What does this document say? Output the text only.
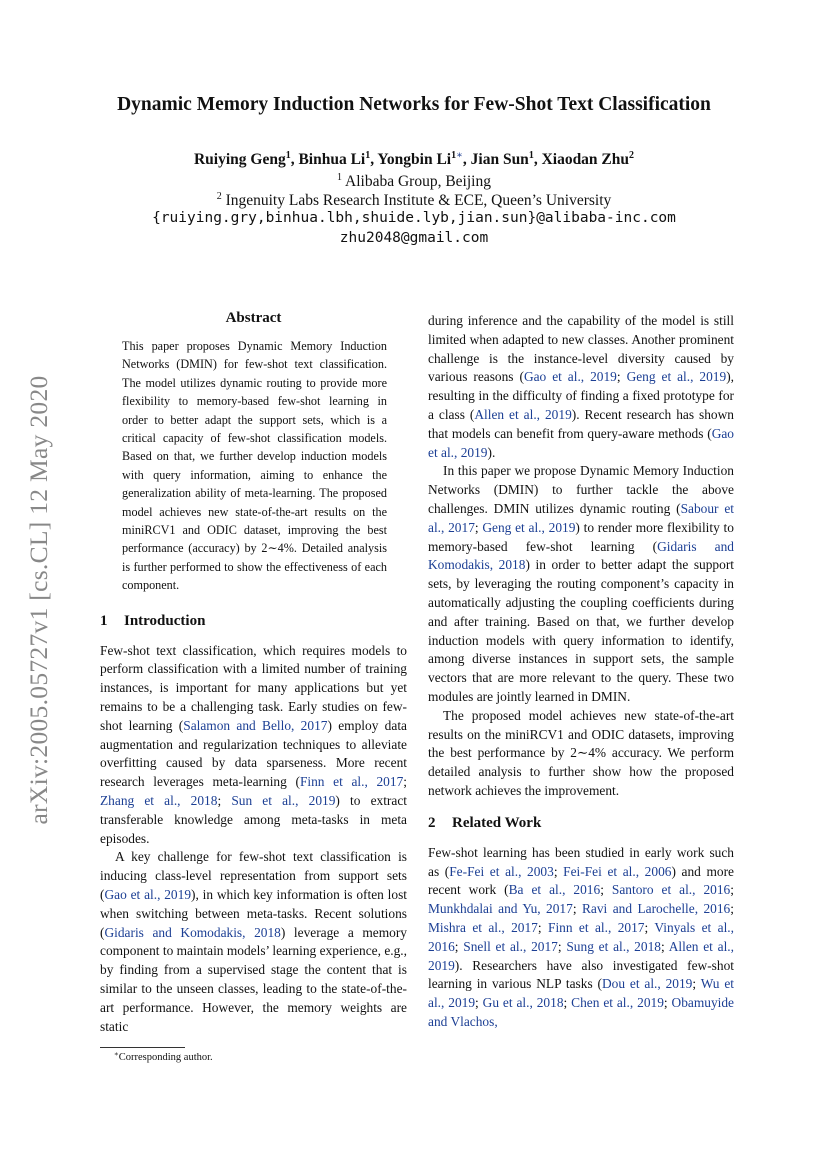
arXiv:2005.05727v1 [cs.CL] 12 May 2020
Dynamic Memory Induction Networks for Few-Shot Text Classification
Ruiying Geng$^1$, Binhua Li$^1$, Yongbin $Li^{1∗}$, Jian Sun$^1$, Xiaodan Zhu$^2$
$^1$ Alibaba Group, Beijing
$^2$ Ingenuity Labs Research Institute & ECE, Queen’s University
{ruiying.gry,binhua.lbh,shuide.lyb,jian.sun}@alibaba-inc.com
zhu2048@gmail.com
Abstract

This paper proposes Dynamic Memory Induction Networks (DMIN) for few-shot text classification. The model utilizes dynamic routing to provide more flexibility to memory-based few-shot learning in order to better adapt the support sets, which is a critical capacity of few-shot classification models. Based on that, we further develop induction models with query information, aiming to enhance the generalization ability of meta-learning. The proposed model achieves new state-of-the-art results on the miniRCV1 and ODIC dataset, improving the best performance (accuracy) by 2∼4%. Detailed analysis is further performed to show the effectiveness of each component.

1 Introduction

Few-shot text classification, which requires models to perform classification with a limited number of training instances, is important for many applications but yet remains to be a challenging task. Early studies on few-shot learning (Salamon and Bello, 2017) employ data augmentation and regularization techniques to alleviate overfitting caused by data sparseness. More recent research leverages meta-learning (Finn et al., 2017; Zhang et al., 2018; Sun et al., 2019) to extract transferable knowledge among meta-tasks in meta episodes.

A key challenge for few-shot text classification is inducing class-level representation from support sets (Gao et al., 2019), in which key information is often lost when switching between meta-tasks. Recent solutions (Gidaris and Komodakis, 2018) leverage a memory component to maintain models’ learning experience, e.g., by finding from a supervised stage the content that is similar to the unseen classes, leading to the state-of-the-art performance. However, the memory weights are static

during inference and the capability of the model is still limited when adapted to new classes. Another prominent challenge is the instance-level diversity caused by various reasons (Gao et al., 2019; Geng et al., 2019), resulting in the difficulty of finding a fixed prototype for a class (Allen et al., 2019). Recent research has shown that models can benefit from query-aware methods (Gao et al., 2019).

In this paper we propose Dynamic Memory Induction Networks (DMIN) to further tackle the above challenges. DMIN utilizes dynamic routing (Sabour et al., 2017; Geng et al., 2019) to render more flexibility to memory-based few-shot learning (Gidaris and Komodakis, 2018) in order to better adapt the support sets, by leveraging the routing component’s capacity in automatically adjusting the coupling coefficients during and after training. Based on that, we further develop induction models with query information to identify, among diverse instances in support sets, the sample vectors that are more relevant to the query. These two modules are jointly learned in DMIN.

The proposed model achieves new state-of-the-art results on the miniRCV1 and ODIC datasets, improving the best performance by 2∼4% accuracy. We perform detailed analysis to further show how the proposed network achieves the improvement.

2 Related Work

Few-shot learning has been studied in early work such as (Fe-Fei et al., 2003; Fei-Fei et al., 2006) and more recent work (Ba et al., 2016; Santoro et al., 2016; Munkhdalai and Yu, 2017; Ravi and Larochelle, 2016; Mishra et al., 2017; Finn et al., 2017; Vinyals et al., 2016; Snell et al., 2017; Sung et al., 2018; Allen et al., 2019). Researchers have also investigated few-shot learning in various NLP tasks (Dou et al., 2019; Wu et al., 2019; Gu et al., 2018; Chen et al., 2019; Obamuyide and Vlachos,

∗Corresponding author.
